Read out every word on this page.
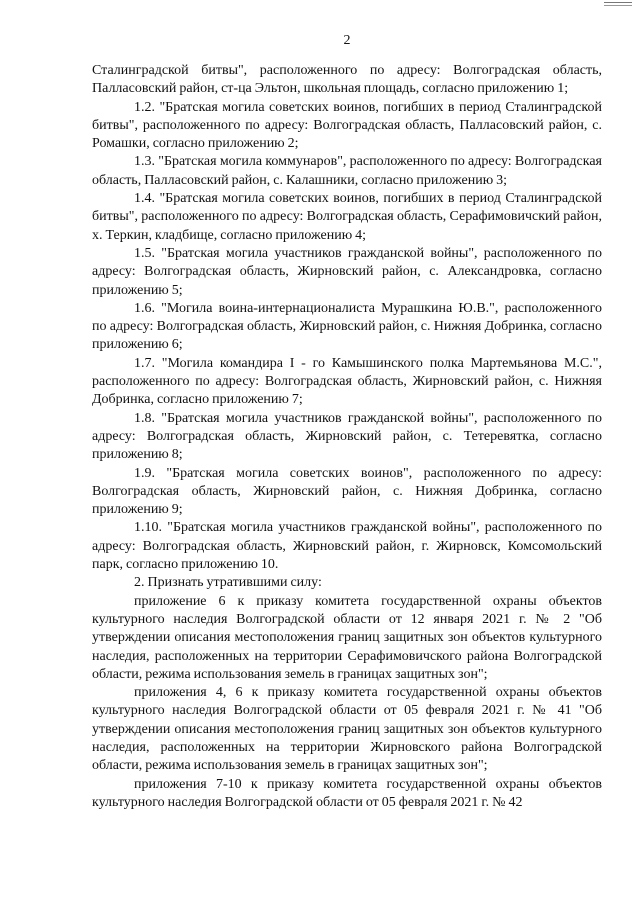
2

Сталинградской битвы", расположенного по адресу: Волгоградская область, Палласовский район, ст-ца Эльтон, школьная площадь, согласно приложению 1;

1.2. "Братская могила советских воинов, погибших в период Сталинградской битвы", расположенного по адресу: Волгоградская область, Палласовский район, с. Ромашки, согласно приложению 2;

1.3. "Братская могила коммунаров", расположенного по адресу: Волгоградская область, Палласовский район, с. Калашники, согласно приложению 3;

1.4. "Братская могила советских воинов, погибших в период Сталинградской битвы", расположенного по адресу: Волгоградская область, Серафимовичский район, х. Теркин, кладбище, согласно приложению 4;

1.5. "Братская могила участников гражданской войны", расположенного по адресу: Волгоградская область, Жирновский район, с. Александровка, согласно приложению 5;

1.6. "Могила воина-интернационалиста Мурашкина Ю.В.", расположенного по адресу: Волгоградская область, Жирновский район, с. Нижняя Добринка, согласно приложению 6;

1.7. "Могила командира I - го Камышинского полка Мартемьянова М.С.", расположенного по адресу: Волгоградская область, Жирновский район, с. Нижняя Добринка, согласно приложению 7;

1.8. "Братская могила участников гражданской войны", расположенного по адресу: Волгоградская область, Жирновский район, с. Тетеревятка, согласно приложению 8;

1.9. "Братская могила советских воинов", расположенного по адресу: Волгоградская область, Жирновский район, с. Нижняя Добринка, согласно приложению 9;

1.10. "Братская могила участников гражданской войны", расположенного по адресу: Волгоградская область, Жирновский район, г. Жирновск, Комсомольский парк, согласно приложению 10.

2. Признать утратившими силу:

приложение 6 к приказу комитета государственной охраны объектов культурного наследия Волгоградской области от 12 января 2021 г. № 2 "Об утверждении описания местоположения границ защитных зон объектов культурного наследия, расположенных на территории Серафимовичского района Волгоградской области, режима использования земель в границах защитных зон";

приложения 4, 6 к приказу комитета государственной охраны объектов культурного наследия Волгоградской области от 05 февраля 2021 г. № 41 "Об утверждении описания местоположения границ защитных зон объектов культурного наследия, расположенных на территории Жирновского района Волгоградской области, режима использования земель в границах защитных зон";

приложения 7-10 к приказу комитета государственной охраны объектов культурного наследия Волгоградской области от 05 февраля 2021 г. № 42
